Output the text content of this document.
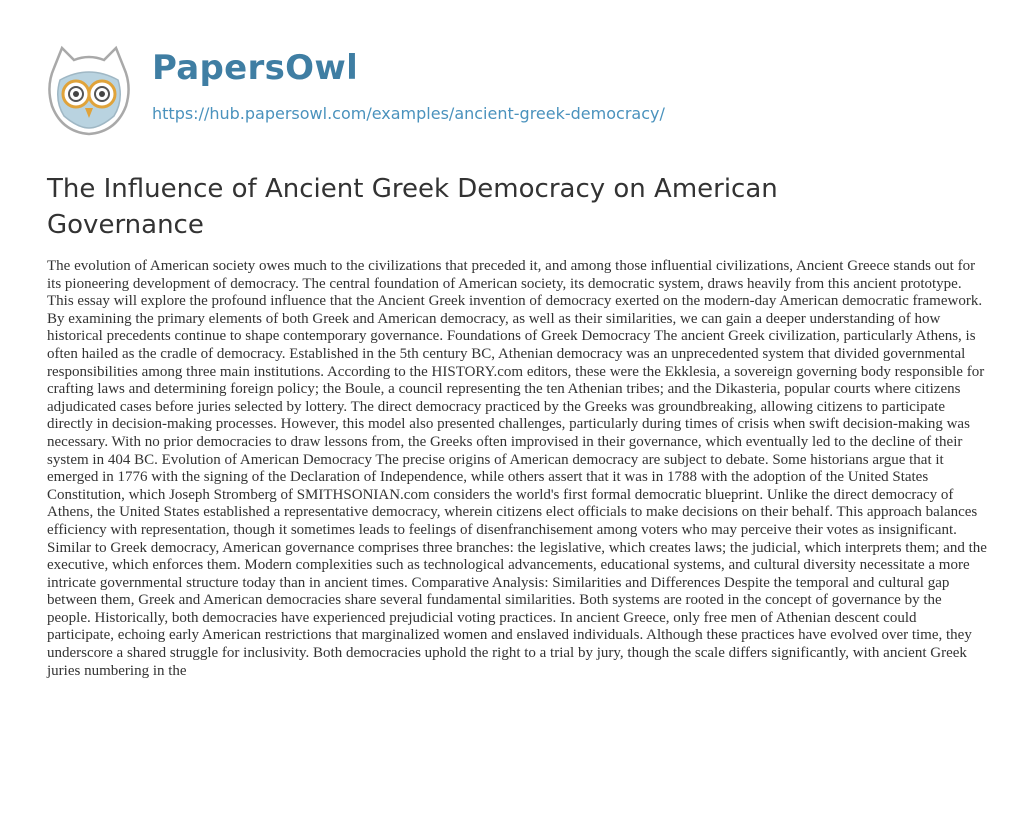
PapersOwl
https://hub.papersowl.com/examples/ancient-greek-democracy/
The Influence of Ancient Greek Democracy on American Governance

The evolution of American society owes much to the civilizations that preceded it, and among those influential civilizations, Ancient Greece stands out for its pioneering development of democracy. The central foundation of American society, its democratic system, draws heavily from this ancient prototype. This essay will explore the profound influence that the Ancient Greek invention of democracy exerted on the modern-day American democratic framework. By examining the primary elements of both Greek and American democracy, as well as their similarities, we can gain a deeper understanding of how historical precedents continue to shape contemporary governance. Foundations of Greek Democracy The ancient Greek civilization, particularly Athens, is often hailed as the cradle of democracy. Established in the 5th century BC, Athenian democracy was an unprecedented system that divided governmental responsibilities among three main institutions. According to the HISTORY.com editors, these were the Ekklesia, a sovereign governing body responsible for crafting laws and determining foreign policy; the Boule, a council representing the ten Athenian tribes; and the Dikasteria, popular courts where citizens adjudicated cases before juries selected by lottery. The direct democracy practiced by the Greeks was groundbreaking, allowing citizens to participate directly in decision-making processes. However, this model also presented challenges, particularly during times of crisis when swift decision-making was necessary. With no prior democracies to draw lessons from, the Greeks often improvised in their governance, which eventually led to the decline of their system in 404 BC. Evolution of American Democracy The precise origins of American democracy are subject to debate. Some historians argue that it emerged in 1776 with the signing of the Declaration of Independence, while others assert that it was in 1788 with the adoption of the United States Constitution, which Joseph Stromberg of SMITHSONIAN.com considers the world's first formal democratic blueprint. Unlike the direct democracy of Athens, the United States established a representative democracy, wherein citizens elect officials to make decisions on their behalf. This approach balances efficiency with representation, though it sometimes leads to feelings of disenfranchisement among voters who may perceive their votes as insignificant. Similar to Greek democracy, American governance comprises three branches: the legislative, which creates laws; the judicial, which interprets them; and the executive, which enforces them. Modern complexities such as technological advancements, educational systems, and cultural diversity necessitate a more intricate governmental structure today than in ancient times. Comparative Analysis: Similarities and Differences Despite the temporal and cultural gap between them, Greek and American democracies share several fundamental similarities. Both systems are rooted in the concept of governance by the people. Historically, both democracies have experienced prejudicial voting practices. In ancient Greece, only free men of Athenian descent could participate, echoing early American restrictions that marginalized women and enslaved individuals. Although these practices have evolved over time, they underscore a shared struggle for inclusivity. Both democracies uphold the right to a trial by jury, though the scale differs significantly, with ancient Greek juries numbering in the
